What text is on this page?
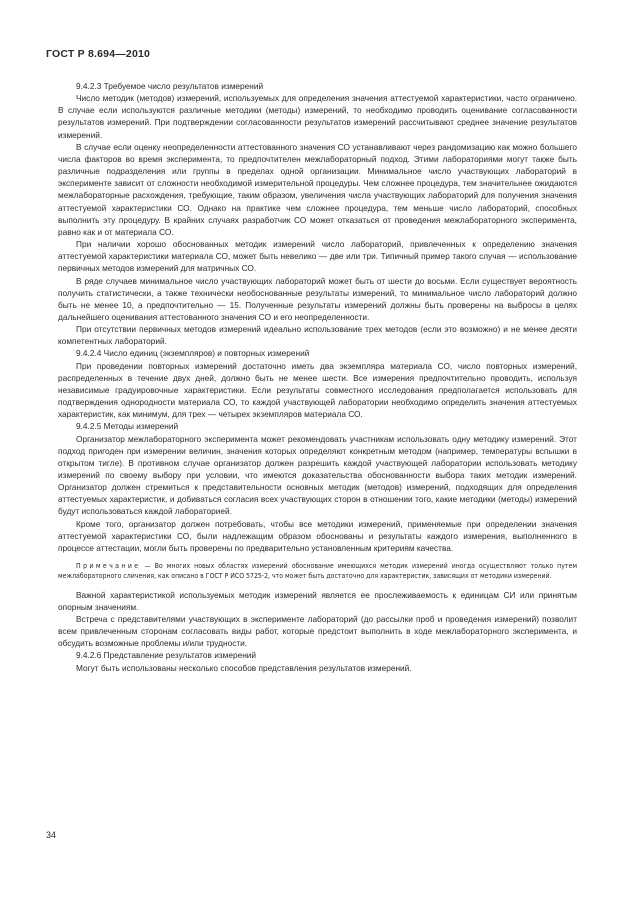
ГОСТ Р 8.694—2010

9.4.2.3 Требуемое число результатов измерений

Число методик (методов) измерений, используемых для определения значения аттестуемой характеристики, часто ограничено. В случае если используются различные методики (методы) измерений, то необходимо проводить оценивание согласованности результатов измерений. При подтверждении согласованности результатов измерений рассчитывают среднее значение результатов измерений.

В случае если оценку неопределенности аттестованного значения СО устанавливают через рандомизацию как можно большего числа факторов во время эксперимента, то предпочтителен межлабораторный подход. Этими лабораториями могут также быть различные подразделения или группы в пределах одной организации. Минимальное число участвующих лабораторий в эксперименте зависит от сложности необходимой измерительной процедуры. Чем сложнее процедура, тем значительнее ожидаются межлабораторные расхождения, требующие, таким образом, увеличения числа участвующих лабораторий для получения значения аттестуемой характеристики СО. Однако на практике чем сложнее процедура, тем меньше число лабораторий, способных выполнить эту процедуру. В крайних случаях разработчик СО может отказаться от проведения межлабораторного эксперимента, равно как и от материала СО.

При наличии хорошо обоснованных методик измерений число лабораторий, привлеченных к определению значения аттестуемой характеристики материала СО, может быть невелико — две или три. Типичный пример такого случая — использование первичных методов измерений для матричных СО.

В ряде случаев минимальное число участвующих лабораторий может быть от шести до восьми. Если существует вероятность получить статистически, а также технически необоснованные результаты измерений, то минимальное число лабораторий должно быть не менее 10, а предпочтительно — 15. Полученные результаты измерений должны быть проверены на выбросы в целях дальнейшего оценивания аттестованного значения СО и его неопределенности.

При отсутствии первичных методов измерений идеально использование трех методов (если это возможно) и не менее десяти компетентных лабораторий.

9.4.2.4 Число единиц (экземпляров) и повторных измерений

При проведении повторных измерений достаточно иметь два экземпляра материала СО, число повторных измерений, распределенных в течение двух дней, должно быть не менее шести. Все измерения предпочтительно проводить, используя независимые градуировочные характеристики. Если результаты совместного исследования предполагается использовать для подтверждения однородности материала СО, то каждой участвующей лаборатории необходимо определить значения аттестуемых характеристик, как минимум, для трех — четырех экземпляров материала СО.

9.4.2.5 Методы измерений

Организатор межлабораторного эксперимента может рекомендовать участникам использовать одну методику измерений. Этот подход пригоден при измерении величин, значения которых определяют конкретным методом (например, температуры вспышки в открытом тигле). В противном случае организатор должен разрешить каждой участвующей лаборатории использовать методику измерений по своему выбору при условии, что имеются доказательства обоснованности выбора таких методик измерений. Организатор должен стремиться к представительности основных методик (методов) измерений, подходящих для определения аттестуемых характеристик, и добиваться согласия всех участвующих сторон в отношении того, какие методики (методы) измерений будут использоваться каждой лабораторией.

Кроме того, организатор должен потребовать, чтобы все методики измерений, применяемые при определении значения аттестуемой характеристики СО, были надлежащим образом обоснованы и результаты каждого измерения, выполненного в процессе аттестации, могли быть проверены по предварительно установленным критериям качества.

Примечание — Во многих новых областях измерений обоснование имеющихся методик измерений иногда осуществляют только путем межлабораторного сличения, как описано в ГОСТ Р ИСО 5725-2, что может быть достаточно для характеристик, зависящих от методики измерений.

Важной характеристикой используемых методик измерений является ее прослеживаемость к единицам СИ или принятым опорным значениям.

Встреча с представителями участвующих в эксперименте лабораторий (до рассылки проб и проведения измерений) позволит всем привлеченным сторонам согласовать виды работ, которые предстоит выполнить в ходе межлабораторного эксперимента, и обсудить возможные проблемы и/или трудности.

9.4.2.6 Представление результатов измерений

Могут быть использованы несколько способов представления результатов измерений.

34
